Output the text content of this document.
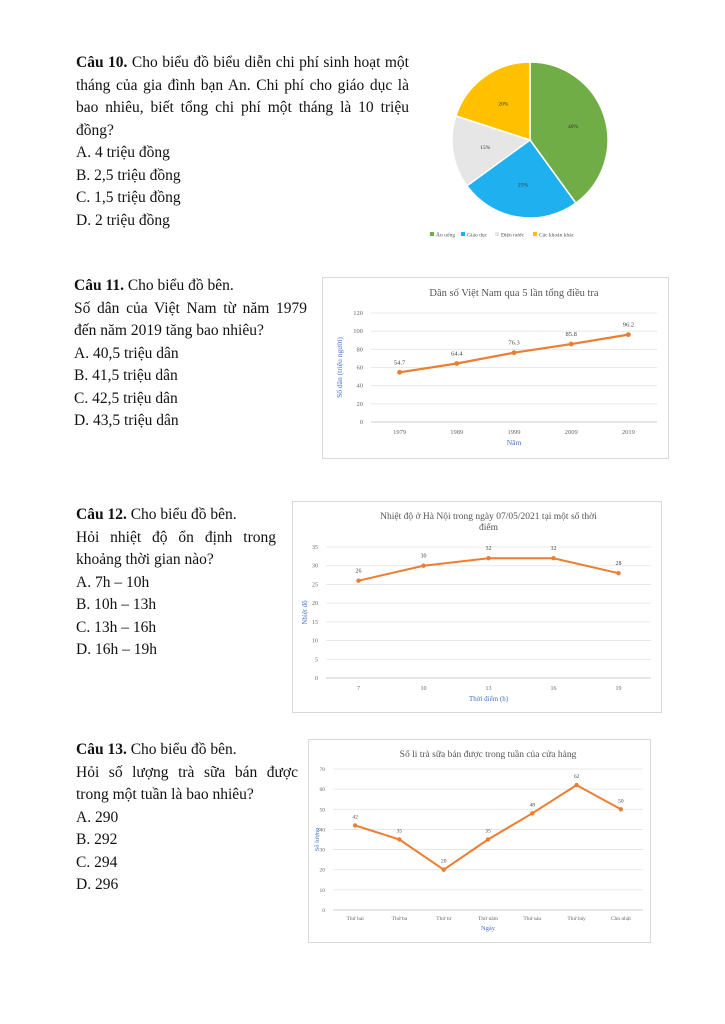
Câu 10. Cho biểu đồ biểu diễn chi phí sinh hoạt một tháng của gia đình bạn An. Chi phí cho giáo dục là bao nhiêu, biết tổng chi phí một tháng là 10 triệu đồng?
A. 4 triệu đồng
B. 2,5 triệu đồng
C. 1,5 triệu đồng
D. 2 triệu đồng
40%
25%
15%
20%
Ăn uống Giáo dục	Điện nước	Các khoản khác
Câu 11. Cho biểu đồ bên.
Số dân của Việt Nam từ năm 1979 đến năm 2019 tăng bao nhiêu?
A. 40,5 triệu dân
B. 41,5 triệu dân
C. 42,5 triệu dân
D. 43,5 triệu dân
Dân số Việt Nam qua 5 lần tổng điều tra
0
20
40
60
80
100
120
1979	1989	1999	2009	2019
Năm
Số dân (triệu người)	54.7
64.4
76.3
85.8
96.2
Câu 12. Cho biểu đồ bên.
Hỏi nhiệt độ ổn định trong khoảng thời gian nào?
A. 7h – 10h
B. 10h – 13h
C. 13h – 16h
D. 16h – 19h
Nhiệt độ ở Hà Nội trong ngày 07/05/2021 tại một số thời
điểm
0
5
10
15
20
25
30
35
7	10	13	16	19
Thời điểm (h)
Nhiệt độ
26
30
32	32
28
Câu 13. Cho biểu đồ bên.
Hỏi số lượng trà sữa bán được trong một tuần là bao nhiêu?
A. 290
B. 292
C. 294
D. 296
Số li trà sữa bán được trong tuần của cửa hàng
0
10
20
30
40
50
60
70
Thứ hai	Thứ ba	Thứ tư	Thứ năm	Thứ sáu	Thứ bảy	Chủ nhật
Ngày
Số lượng
42
35
20
35
48
62
50
